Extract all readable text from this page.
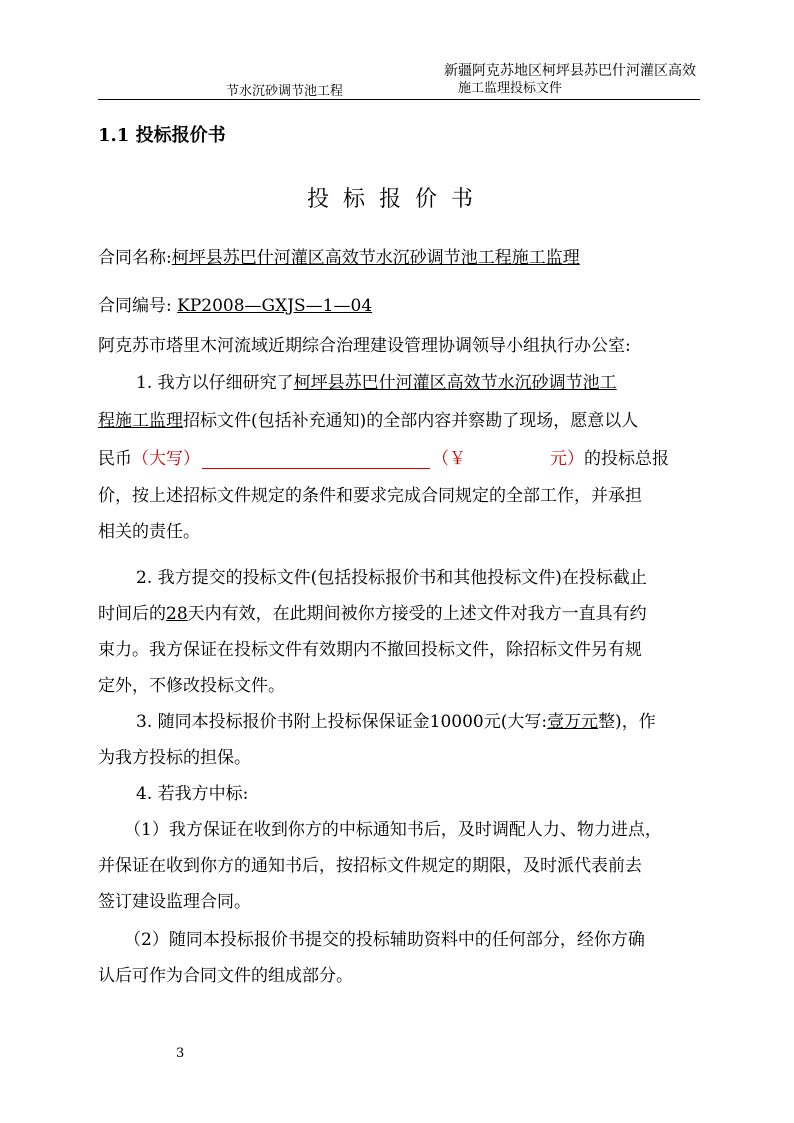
新疆阿克苏地区柯坪县苏巴什河灌区高效
施工监理投标文件
节水沉砂调节池工程
1.1 投标报价书
投标报价书
合同名称:柯坪县苏巴什河灌区高效节水沉砂调节池工程施工监理
合同编号: KP2008—GXJS—1—04
阿克苏市塔里木河流域近期综合治理建设管理协调领导小组执行办公室:
1. 我方以仔细研究了柯坪县苏巴什河灌区高效节水沉砂调节池工
程施工监理招标文件(包括补充通知)的全部内容并察勘了现场，愿意以人
民币（大写）	（￥	元）的投标总报
价，按上述招标文件规定的条件和要求完成合同规定的全部工作，并承担
相关的责任。
2. 我方提交的投标文件(包括投标报价书和其他投标文件)在投标截止
时间后的28天内有效，在此期间被你方接受的上述文件对我方一直具有约
束力。我方保证在投标文件有效期内不撤回投标文件，除招标文件另有规
定外，不修改投标文件。
3. 随同本投标报价书附上投标保保证金10000元(大写:壹万元整)，作
为我方投标的担保。
4. 若我方中标:
（1）我方保证在收到你方的中标通知书后，及时调配人力、物力进点，
并保证在收到你方的通知书后，按招标文件规定的期限，及时派代表前去
签订建设监理合同。
（2）随同本投标报价书提交的投标辅助资料中的任何部分，经你方确
认后可作为合同文件的组成部分。
3
